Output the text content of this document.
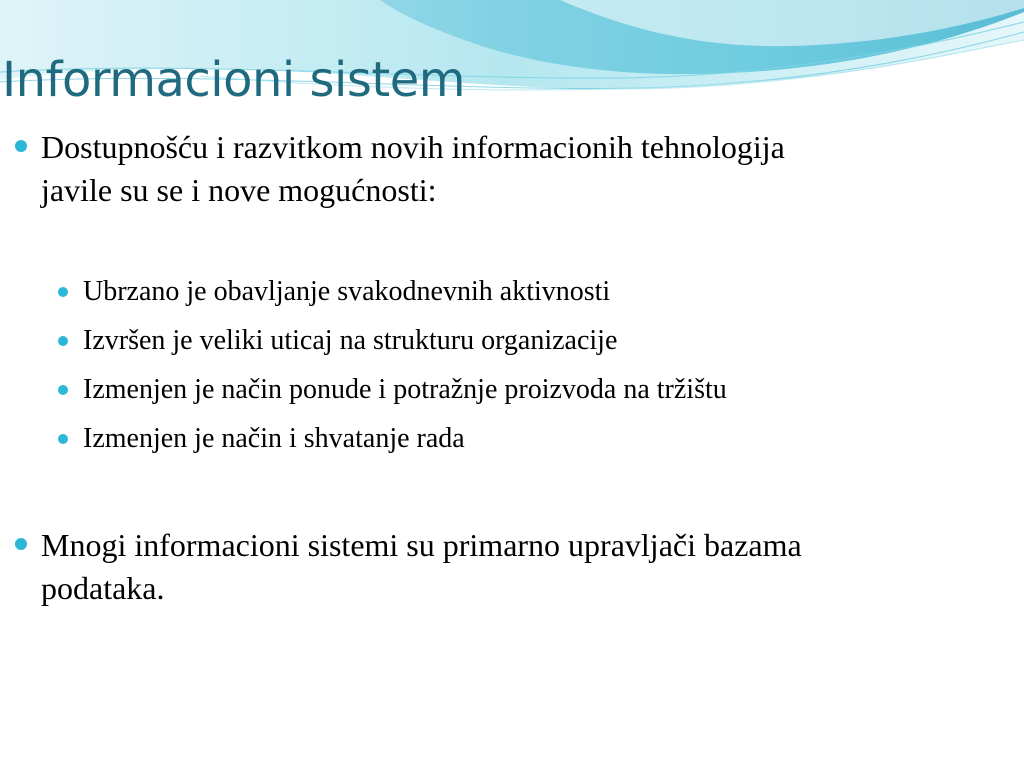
Informacioni sistem
Dostupnošću i razvitkom novih informacionih tehnologija
javile su se i nove mogućnosti:
Ubrzano je obavljanje svakodnevnih aktivnosti
Izvršen je veliki uticaj na strukturu organizacije
Izmenjen je način ponude i potražnje proizvoda na tržištu
Izmenjen je način i shvatanje rada
Mnogi informacioni sistemi su primarno upravljači bazama
podataka.
